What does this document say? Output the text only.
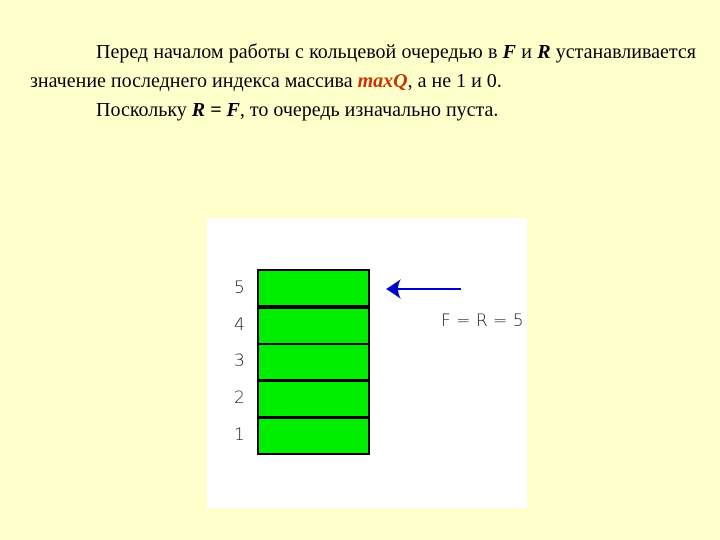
Перед началом работы с кольцевой очередью в F и R устанавливается значение последнего индекса массива maxQ, а не 1 и 0.

Поскольку R = F, то очередь изначально пуста.

5
4
3
2
1
F = R = 5
